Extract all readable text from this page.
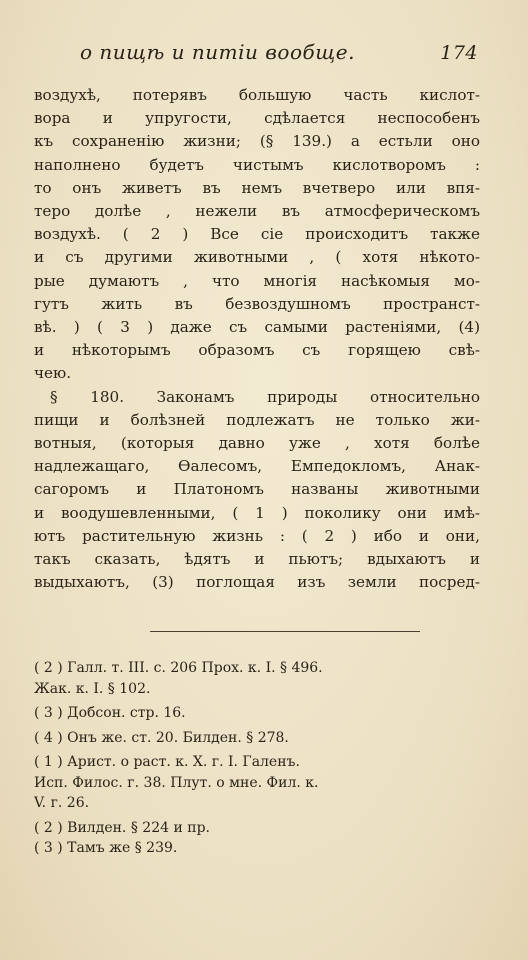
о пищѣ и питіи вообще.	174
воздухѣ, потерявъ большую часть кислот-
вора и упругости, сдѣлается неспособенъ
къ сохраненію жизни; (§ 139.) а естьли оно
наполнено будетъ чистымъ кислотворомъ :
то онъ живетъ въ немъ вчетверо или впя-
теро долѣе , нежели въ атмосферическомъ
воздухѣ. ( 2 ) Все сіе происходитъ также
и съ другими животными , ( хотя нѣкото-
рые думаютъ , что многія насѣкомыя мо-
гутъ жить въ безвоздушномъ пространст-
вѣ. ) ( 3 ) даже съ самыми растеніями, (4)
и нѣкоторымъ образомъ съ горящею свѣ-
чею.
§ 180. Законамъ природы относительно
пищи и болѣзней подлежатъ не только жи-
вотныя, (которыя давно уже , хотя болѣе
надлежащаго, Өалесомъ, Емпедокломъ, Анак-
сагоромъ и Платономъ названы животными
и воодушевленными, ( 1 ) поколику они имѣ-
ютъ растительную жизнь : ( 2 ) ибо и они,
такъ сказать, ѣдятъ и пьютъ; вдыхаютъ и
выдыхаютъ, (3) поглощая изъ земли посред-
( 2 ) Галл. т. III. с. 206 Прох. к. I. § 496.
Жак. к. I. § 102.
( 3 ) Добсон. стр. 16.
( 4 ) Онъ же. ст. 20. Билден. § 278.
( 1 ) Арист. о раст. к. X. г. I. Галенъ.
Исп. Филос. г. 38. Плут. о мне. Фил. к.
V. г. 26.
( 2 ) Вилден. § 224 и пр.
( 3 ) Тамъ же § 239.
